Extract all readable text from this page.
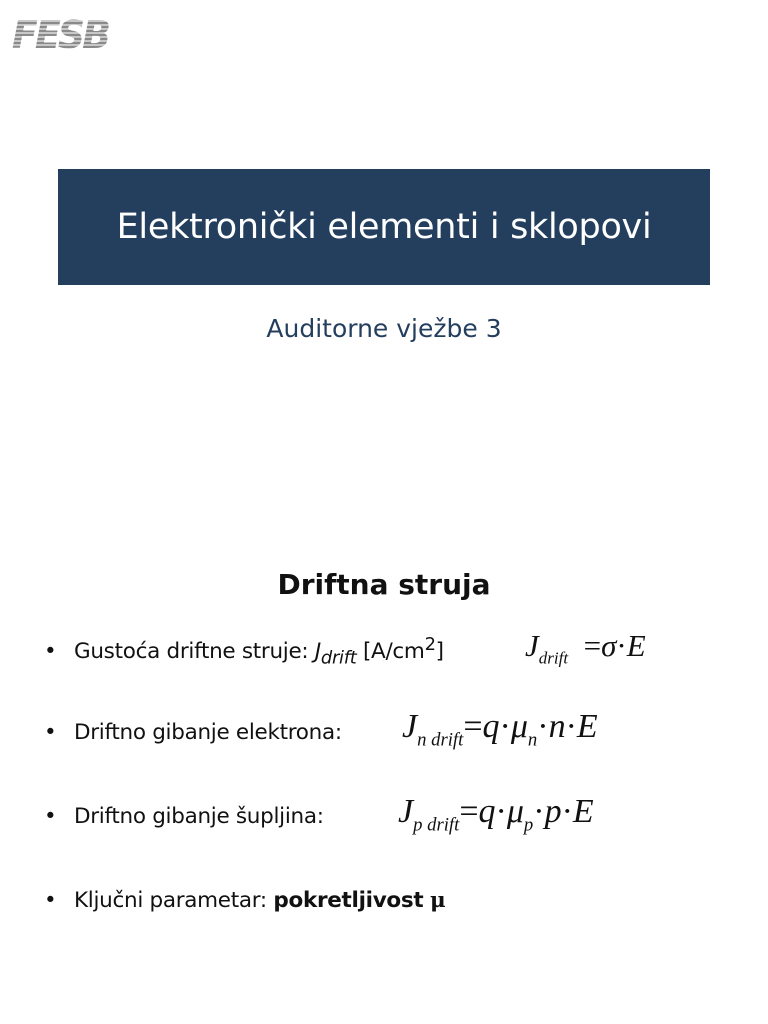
FESB
Elektronički elementi i sklopovi
Auditorne vježbe 3
Driftna struja
• Gustoća driftne struje: $J_{drift}$ $[A/cm^2]$
• Driftno gibanje elektrona:
• Driftno gibanje šupljina:
• Ključni parametar: pokretljivost μ
$J_{drift} =\sigma\cdot E$
$J_{n drift}=q\cdot\mu_n\cdot n\cdot E$
$J_{p drift}=q\cdot\mu_p\cdot p\cdot E$
